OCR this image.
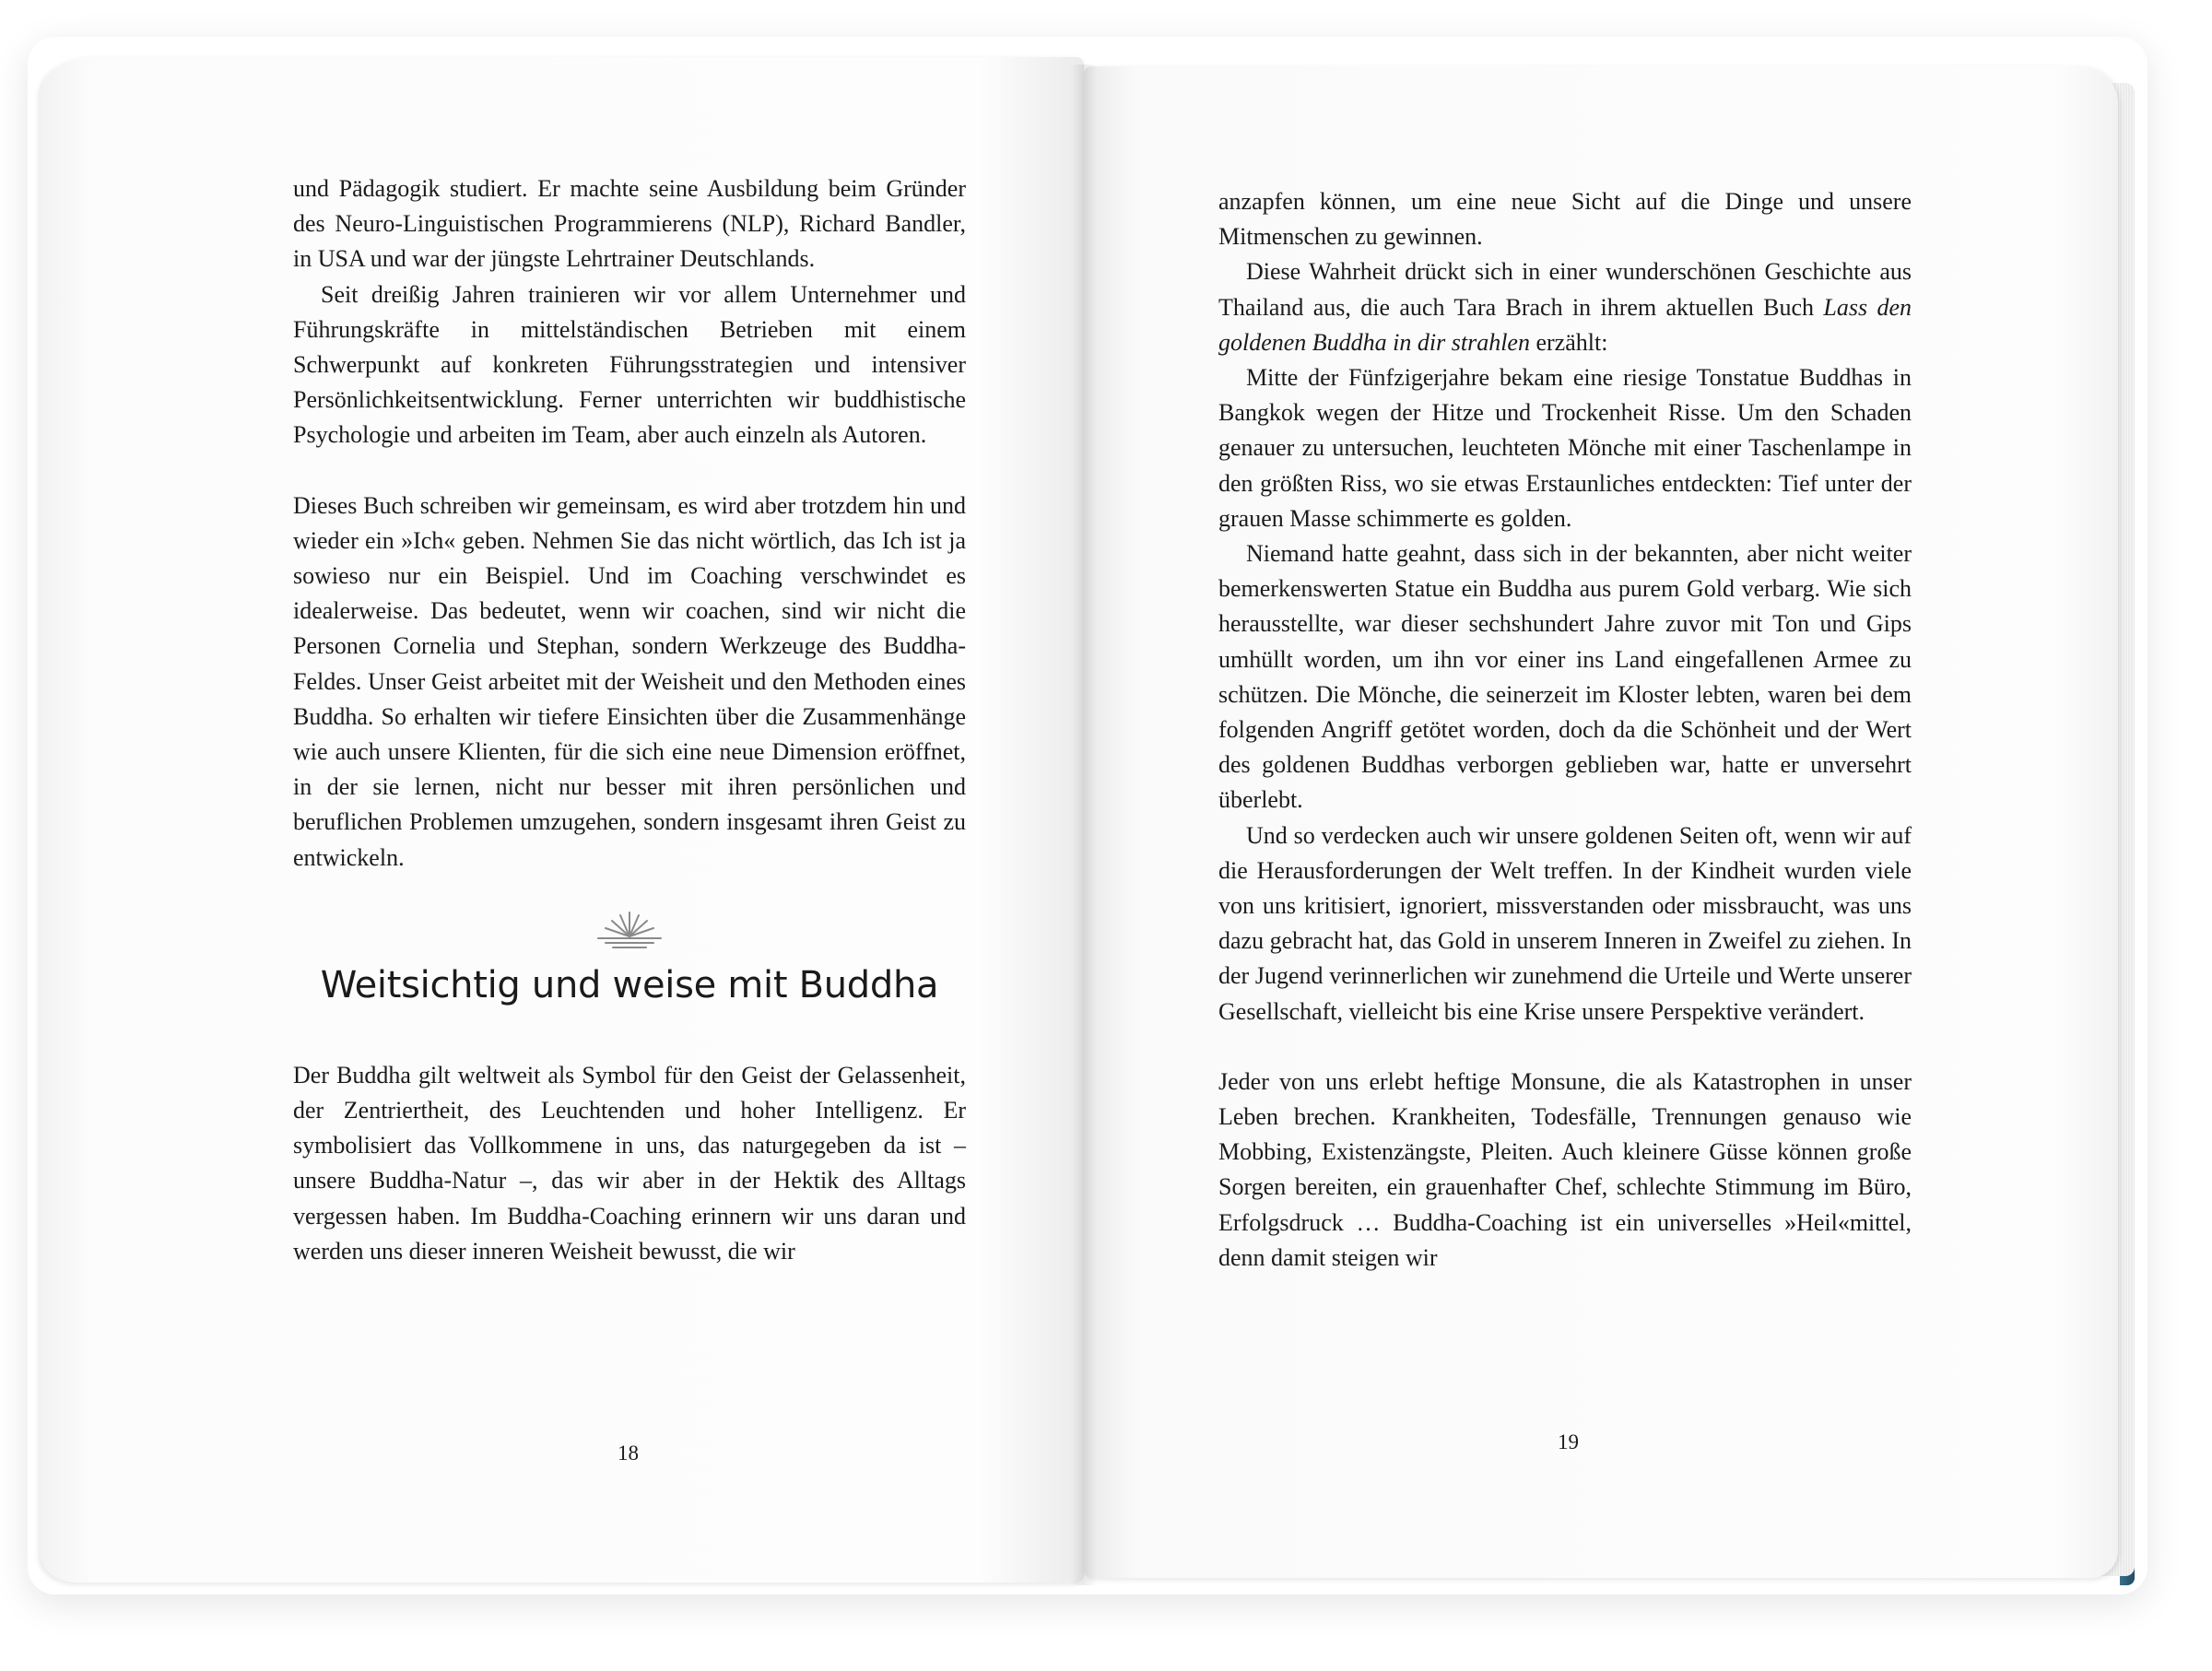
und Pädagogik studiert. Er machte seine Ausbildung beim Gründer des Neuro-Linguistischen Programmierens (NLP), Richard Bandler, in USA und war der jüngste Lehrtrainer Deutschlands.

Seit dreißig Jahren trainieren wir vor allem Unternehmer und Führungskräfte in mittelständischen Betrieben mit einem Schwerpunkt auf konkreten Führungsstrategien und intensiver Persönlichkeitsentwicklung. Ferner unterrichten wir buddhistische Psychologie und arbeiten im Team, aber auch einzeln als Autoren.

Dieses Buch schreiben wir gemeinsam, es wird aber trotzdem hin und wieder ein »Ich« geben. Nehmen Sie das nicht wörtlich, das Ich ist ja sowieso nur ein Beispiel. Und im Coaching verschwindet es idealerweise. Das bedeutet, wenn wir coachen, sind wir nicht die Personen Cornelia und Stephan, sondern Werkzeuge des Buddha-Feldes. Unser Geist arbeitet mit der Weisheit und den Methoden eines Buddha. So erhalten wir tiefere Einsichten über die Zusammenhänge wie auch unsere Klienten, für die sich eine neue Dimension eröffnet, in der sie lernen, nicht nur besser mit ihren persönlichen und beruflichen Problemen umzugehen, sondern insgesamt ihren Geist zu entwickeln.

Weitsichtig und weise mit Buddha

Der Buddha gilt weltweit als Symbol für den Geist der Gelassenheit, der Zentriertheit, des Leuchtenden und hoher Intelligenz. Er symbolisiert das Vollkommene in uns, das naturgegeben da ist – unsere Buddha-Natur –, das wir aber in der Hektik des Alltags vergessen haben. Im Buddha-Coaching erinnern wir uns daran und werden uns dieser inneren Weisheit bewusst, die wir

18

anzapfen können, um eine neue Sicht auf die Dinge und unsere Mitmenschen zu gewinnen.

Diese Wahrheit drückt sich in einer wunderschönen Geschichte aus Thailand aus, die auch Tara Brach in ihrem aktuellen Buch Lass den goldenen Buddha in dir strahlen erzählt:

Mitte der Fünfzigerjahre bekam eine riesige Tonstatue Buddhas in Bangkok wegen der Hitze und Trockenheit Risse. Um den Schaden genauer zu untersuchen, leuchteten Mönche mit einer Taschenlampe in den größten Riss, wo sie etwas Erstaunliches entdeckten: Tief unter der grauen Masse schimmerte es golden.

Niemand hatte geahnt, dass sich in der bekannten, aber nicht weiter bemerkenswerten Statue ein Buddha aus purem Gold verbarg. Wie sich herausstellte, war dieser sechshundert Jahre zuvor mit Ton und Gips umhüllt worden, um ihn vor einer ins Land eingefallenen Armee zu schützen. Die Mönche, die seinerzeit im Kloster lebten, waren bei dem folgenden Angriff getötet worden, doch da die Schönheit und der Wert des goldenen Buddhas verborgen geblieben war, hatte er unversehrt überlebt.

Und so verdecken auch wir unsere goldenen Seiten oft, wenn wir auf die Herausforderungen der Welt treffen. In der Kindheit wurden viele von uns kritisiert, ignoriert, missverstanden oder missbraucht, was uns dazu gebracht hat, das Gold in unserem Inneren in Zweifel zu ziehen. In der Jugend verinnerlichen wir zunehmend die Urteile und Werte unserer Gesellschaft, vielleicht bis eine Krise unsere Perspektive verändert.

Jeder von uns erlebt heftige Monsune, die als Katastrophen in unser Leben brechen. Krankheiten, Todesfälle, Trennungen genauso wie Mobbing, Existenzängste, Pleiten. Auch kleinere Güsse können große Sorgen bereiten, ein grauenhafter Chef, schlechte Stimmung im Büro, Erfolgsdruck … Buddha-Coaching ist ein universelles »Heil«mittel, denn damit steigen wir

19
